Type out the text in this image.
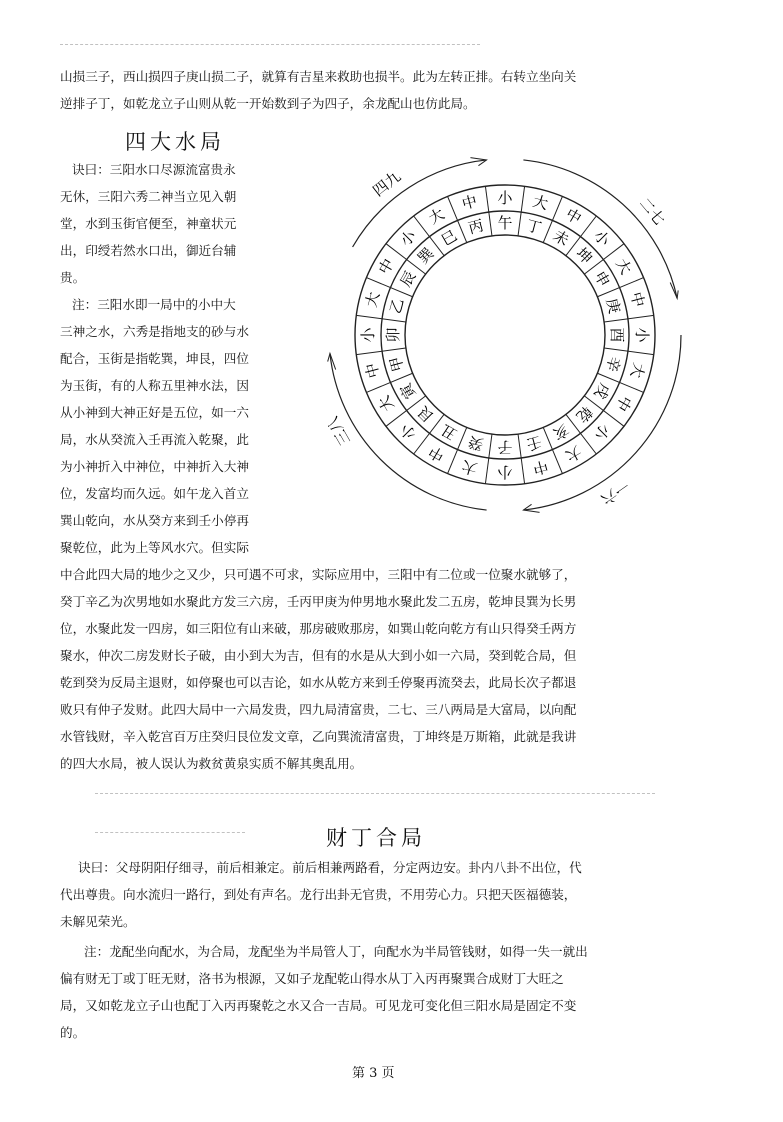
山损三子，西山损四子庚山损二子，就算有吉星来救助也损半。此为左转正排。右转立坐向关
逆排子丁，如乾龙立子山则从乾一开始数到子为四子，余龙配山也仿此局。
四大水局
诀曰：三阳水口尽源流富贵永
无休，三阳六秀二神当立见入朝
堂，水到玉街官便至，神童状元
出，印绶若然水口出，御近台辅
贵。
注：三阳水即一局中的小中大
三神之水，六秀是指地支的砂与水
配合，玉街是指乾巽，坤艮，四位
为玉街，有的人称五里神水法，因
从小神到大神正好是五位，如一六
局，水从癸流入壬再流入乾聚，此
为小神折入中神位，中神折入大神
位，发富均而久远。如午龙入首立
巽山乾向，水从癸方来到壬小停再
聚乾位，此为上等风水穴。但实际
中合此四大局的地少之又少，只可遇不可求，实际应用中，三阳中有二位或一位聚水就够了，
癸丁辛乙为次男地如水聚此方发三六房，壬丙甲庚为仲男地水聚此发二五房，乾坤艮巽为长男
位，水聚此发一四房，如三阳位有山来破，那房破败那房，如巽山乾向乾方有山只得癸壬两方
聚水，仲次二房发财长子破，由小到大为吉，但有的水是从大到小如一六局，癸到乾合局，但
乾到癸为反局主退财，如停聚也可以吉论，如水从乾方来到壬停聚再流癸去，此局长次子都退
败只有仲子发财。此四大局中一六局发贵，四九局清富贵，二七、三八两局是大富局，以向配
水管钱财，辛入乾宫百万庄癸归艮位发文章，乙向巽流清富贵，丁坤终是万斯箱，此就是我讲
的四大水局，被人误认为救贫黄泉实质不解其奥乱用。
午 丁 未
坤
申
庚
酉
辛
戌
乾
亥
壬
子
癸
丑
艮
寅
甲
卯
乙
辰
巽
巳 丙
小 大
中
小
大
中
小
大
中
小
大
中
小
大
中
小
大
中
小
大
中
小
大
中
四九
二七
一六
三八
财丁合局
诀曰：父母阴阳仔细寻，前后相兼定。前后相兼两路看，分定两边安。卦内八卦不出位，代
代出尊贵。向水流归一路行，到处有声名。龙行出卦无官贵，不用劳心力。只把天医福德装，
未解见荣光。
注：龙配坐向配水，为合局，龙配坐为半局管人丁，向配水为半局管钱财，如得一失一就出
偏有财无丁或丁旺无财，洛书为根源，又如子龙配乾山得水从丁入丙再聚巽合成财丁大旺之
局，又如乾龙立子山也配丁入丙再聚乾之水又合一吉局。可见龙可变化但三阳水局是固定不变
的。
第 3 页
